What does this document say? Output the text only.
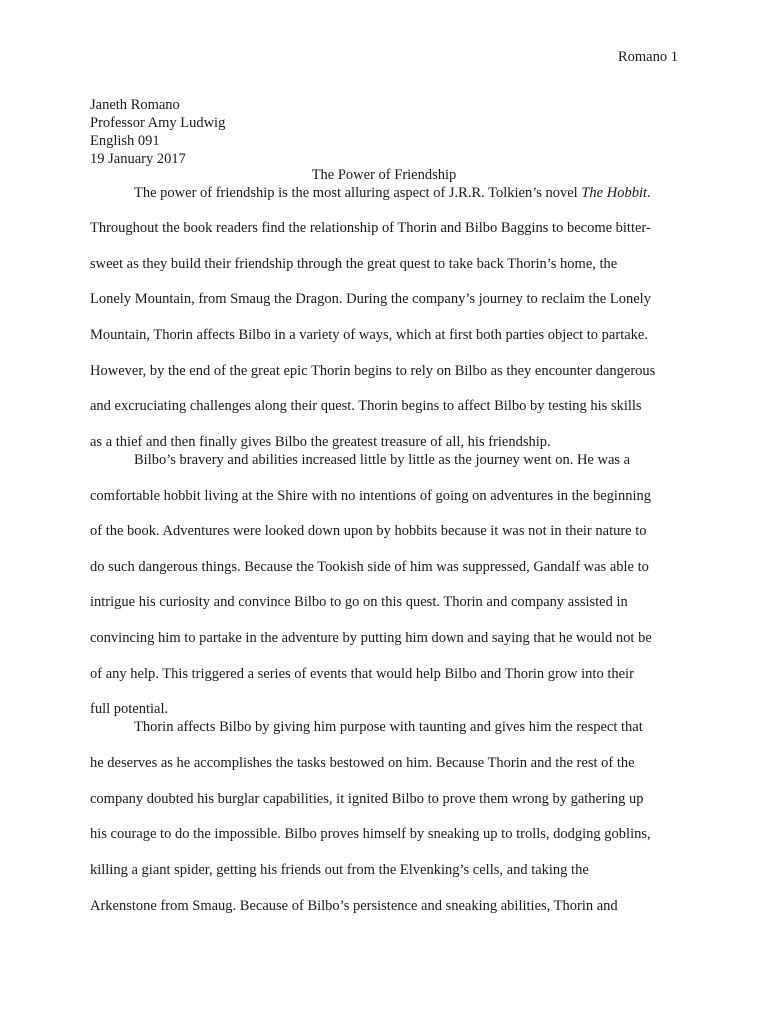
Romano 1
Janeth Romano
Professor Amy Ludwig
English 091
19 January 2017
The Power of Friendship
The power of friendship is the most alluring aspect of J.R.R. Tolkien’s novel The Hobbit.
Throughout the book readers find the relationship of Thorin and Bilbo Baggins to become bitter-
sweet as they build their friendship through the great quest to take back Thorin’s home, the
Lonely Mountain, from Smaug the Dragon. During the company’s journey to reclaim the Lonely
Mountain, Thorin affects Bilbo in a variety of ways, which at first both parties object to partake.
However, by the end of the great epic Thorin begins to rely on Bilbo as they encounter dangerous
and excruciating challenges along their quest. Thorin begins to affect Bilbo by testing his skills
as a thief and then finally gives Bilbo the greatest treasure of all, his friendship.
Bilbo’s bravery and abilities increased little by little as the journey went on. He was a
comfortable hobbit living at the Shire with no intentions of going on adventures in the beginning
of the book. Adventures were looked down upon by hobbits because it was not in their nature to
do such dangerous things. Because the Tookish side of him was suppressed, Gandalf was able to
intrigue his curiosity and convince Bilbo to go on this quest. Thorin and company assisted in
convincing him to partake in the adventure by putting him down and saying that he would not be
of any help. This triggered a series of events that would help Bilbo and Thorin grow into their
full potential.
Thorin affects Bilbo by giving him purpose with taunting and gives him the respect that
he deserves as he accomplishes the tasks bestowed on him. Because Thorin and the rest of the
company doubted his burglar capabilities, it ignited Bilbo to prove them wrong by gathering up
his courage to do the impossible. Bilbo proves himself by sneaking up to trolls, dodging goblins,
killing a giant spider, getting his friends out from the Elvenking’s cells, and taking the
Arkenstone from Smaug. Because of Bilbo’s persistence and sneaking abilities, Thorin and
